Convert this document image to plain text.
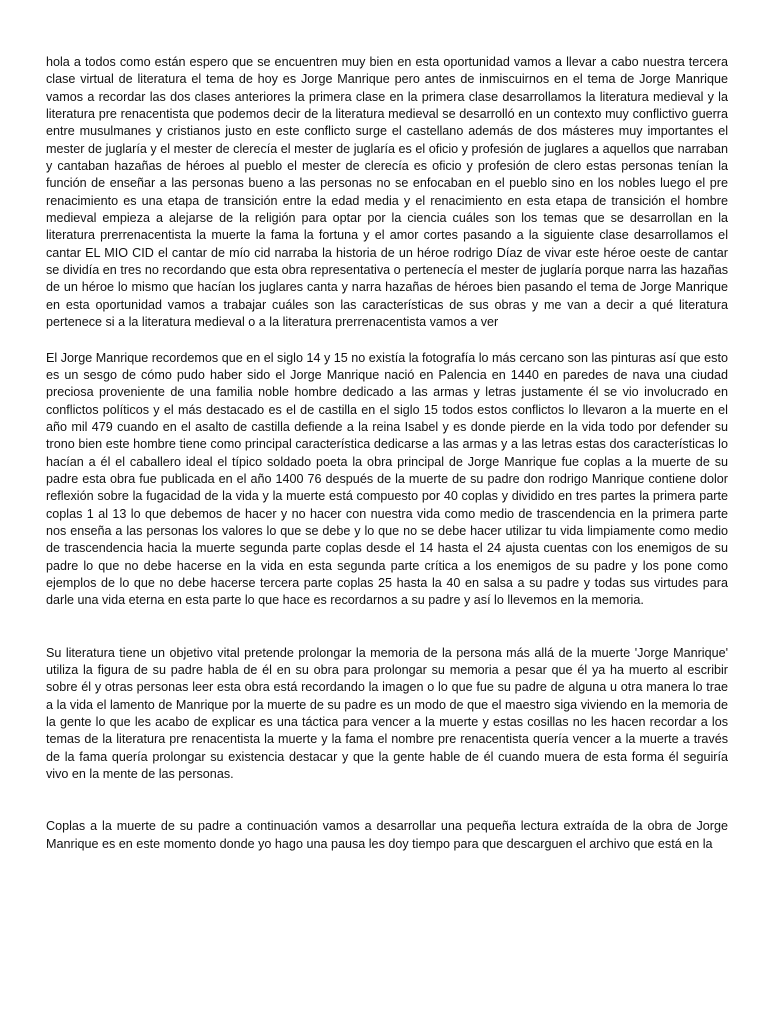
hola a todos como están espero que se encuentren muy bien en esta oportunidad vamos a llevar a cabo nuestra tercera clase virtual de literatura el tema de hoy es Jorge Manrique pero antes de inmiscuirnos en el tema de Jorge Manrique vamos a recordar las dos clases anteriores la primera clase en la primera clase desarrollamos la literatura medieval y la literatura pre renacentista que podemos decir de la literatura medieval se desarrolló en un contexto muy conflictivo guerra entre musulmanes y cristianos justo en este conflicto surge el castellano además de dos másteres muy importantes el mester de juglaría y el mester de clerecía el mester de juglaría es el oficio y profesión de juglares a aquellos que narraban y cantaban hazañas de héroes al pueblo el mester de clerecía es oficio y profesión de clero estas personas tenían la función de enseñar a las personas bueno a las personas no se enfocaban en el pueblo sino en los nobles luego el pre renacimiento es una etapa de transición entre la edad media y el renacimiento en esta etapa de transición el hombre medieval empieza a alejarse de la religión para optar por la ciencia cuáles son los temas que se desarrollan en la literatura prerrenacentista la muerte la fama la fortuna y el amor cortes pasando a la siguiente clase desarrollamos el cantar EL MIO CID el cantar de mío cid narraba la historia de un héroe rodrigo Díaz de vivar este héroe oeste de cantar se dividía en tres no recordando que esta obra representativa o pertenecía el mester de juglaría porque narra las hazañas de un héroe lo mismo que hacían los juglares canta y narra hazañas de héroes bien pasando el tema de Jorge Manrique en esta oportunidad vamos a trabajar cuáles son las características de sus obras y me van a decir a qué literatura pertenece si a la literatura medieval o a la literatura prerrenacentista vamos a ver

El Jorge Manrique recordemos que en el siglo 14 y 15 no existía la fotografía lo más cercano son las pinturas así que esto es un sesgo de cómo pudo haber sido el Jorge Manrique nació en Palencia en 1440 en paredes de nava una ciudad preciosa proveniente de una familia noble hombre dedicado a las armas y letras justamente él se vio involucrado en conflictos políticos y el más destacado es el de castilla en el siglo 15 todos estos conflictos lo llevaron a la muerte en el año mil 479 cuando en el asalto de castilla defiende a la reina Isabel y es donde pierde en la vida todo por defender su trono bien este hombre tiene como principal característica dedicarse a las armas y a las letras estas dos características lo hacían a él el caballero ideal el típico soldado poeta la obra principal de Jorge Manrique fue coplas a la muerte de su padre esta obra fue publicada en el año 1400 76 después de la muerte de su padre don rodrigo Manrique contiene dolor reflexión sobre la fugacidad de la vida y la muerte está compuesto por 40 coplas y dividido en tres partes la primera parte coplas 1 al 13 lo que debemos de hacer y no hacer con nuestra vida como medio de trascendencia en la primera parte nos enseña a las personas los valores lo que se debe y lo que no se debe hacer utilizar tu vida limpiamente como medio de trascendencia hacia la muerte segunda parte coplas desde el 14 hasta el 24 ajusta cuentas con los enemigos de su padre lo que no debe hacerse en la vida en esta segunda parte crítica a los enemigos de su padre y los pone como ejemplos de lo que no debe hacerse tercera parte coplas 25 hasta la 40 en salsa a su padre y todas sus virtudes para darle una vida eterna en esta parte lo que hace es recordarnos a su padre y así lo llevemos en la memoria.

Su literatura tiene un objetivo vital pretende prolongar la memoria de la persona más allá de la muerte 'Jorge Manrique' utiliza la figura de su padre habla de él en su obra para prolongar su memoria a pesar que él ya ha muerto al escribir sobre él y otras personas leer esta obra está recordando la imagen o lo que fue su padre de alguna u otra manera lo trae a la vida el lamento de Manrique por la muerte de su padre es un modo de que el maestro siga viviendo en la memoria de la gente lo que les acabo de explicar es una táctica para vencer a la muerte y estas cosillas no les hacen recordar a los temas de la literatura pre renacentista la muerte y la fama el nombre pre renacentista quería vencer a la muerte a través de la fama quería prolongar su existencia destacar y que la gente hable de él cuando muera de esta forma él seguiría vivo en la mente de las personas.

Coplas a la muerte de su padre a continuación vamos a desarrollar una pequeña lectura extraída de la obra de Jorge Manrique es en este momento donde yo hago una pausa les doy tiempo para que descarguen el archivo que está en la
